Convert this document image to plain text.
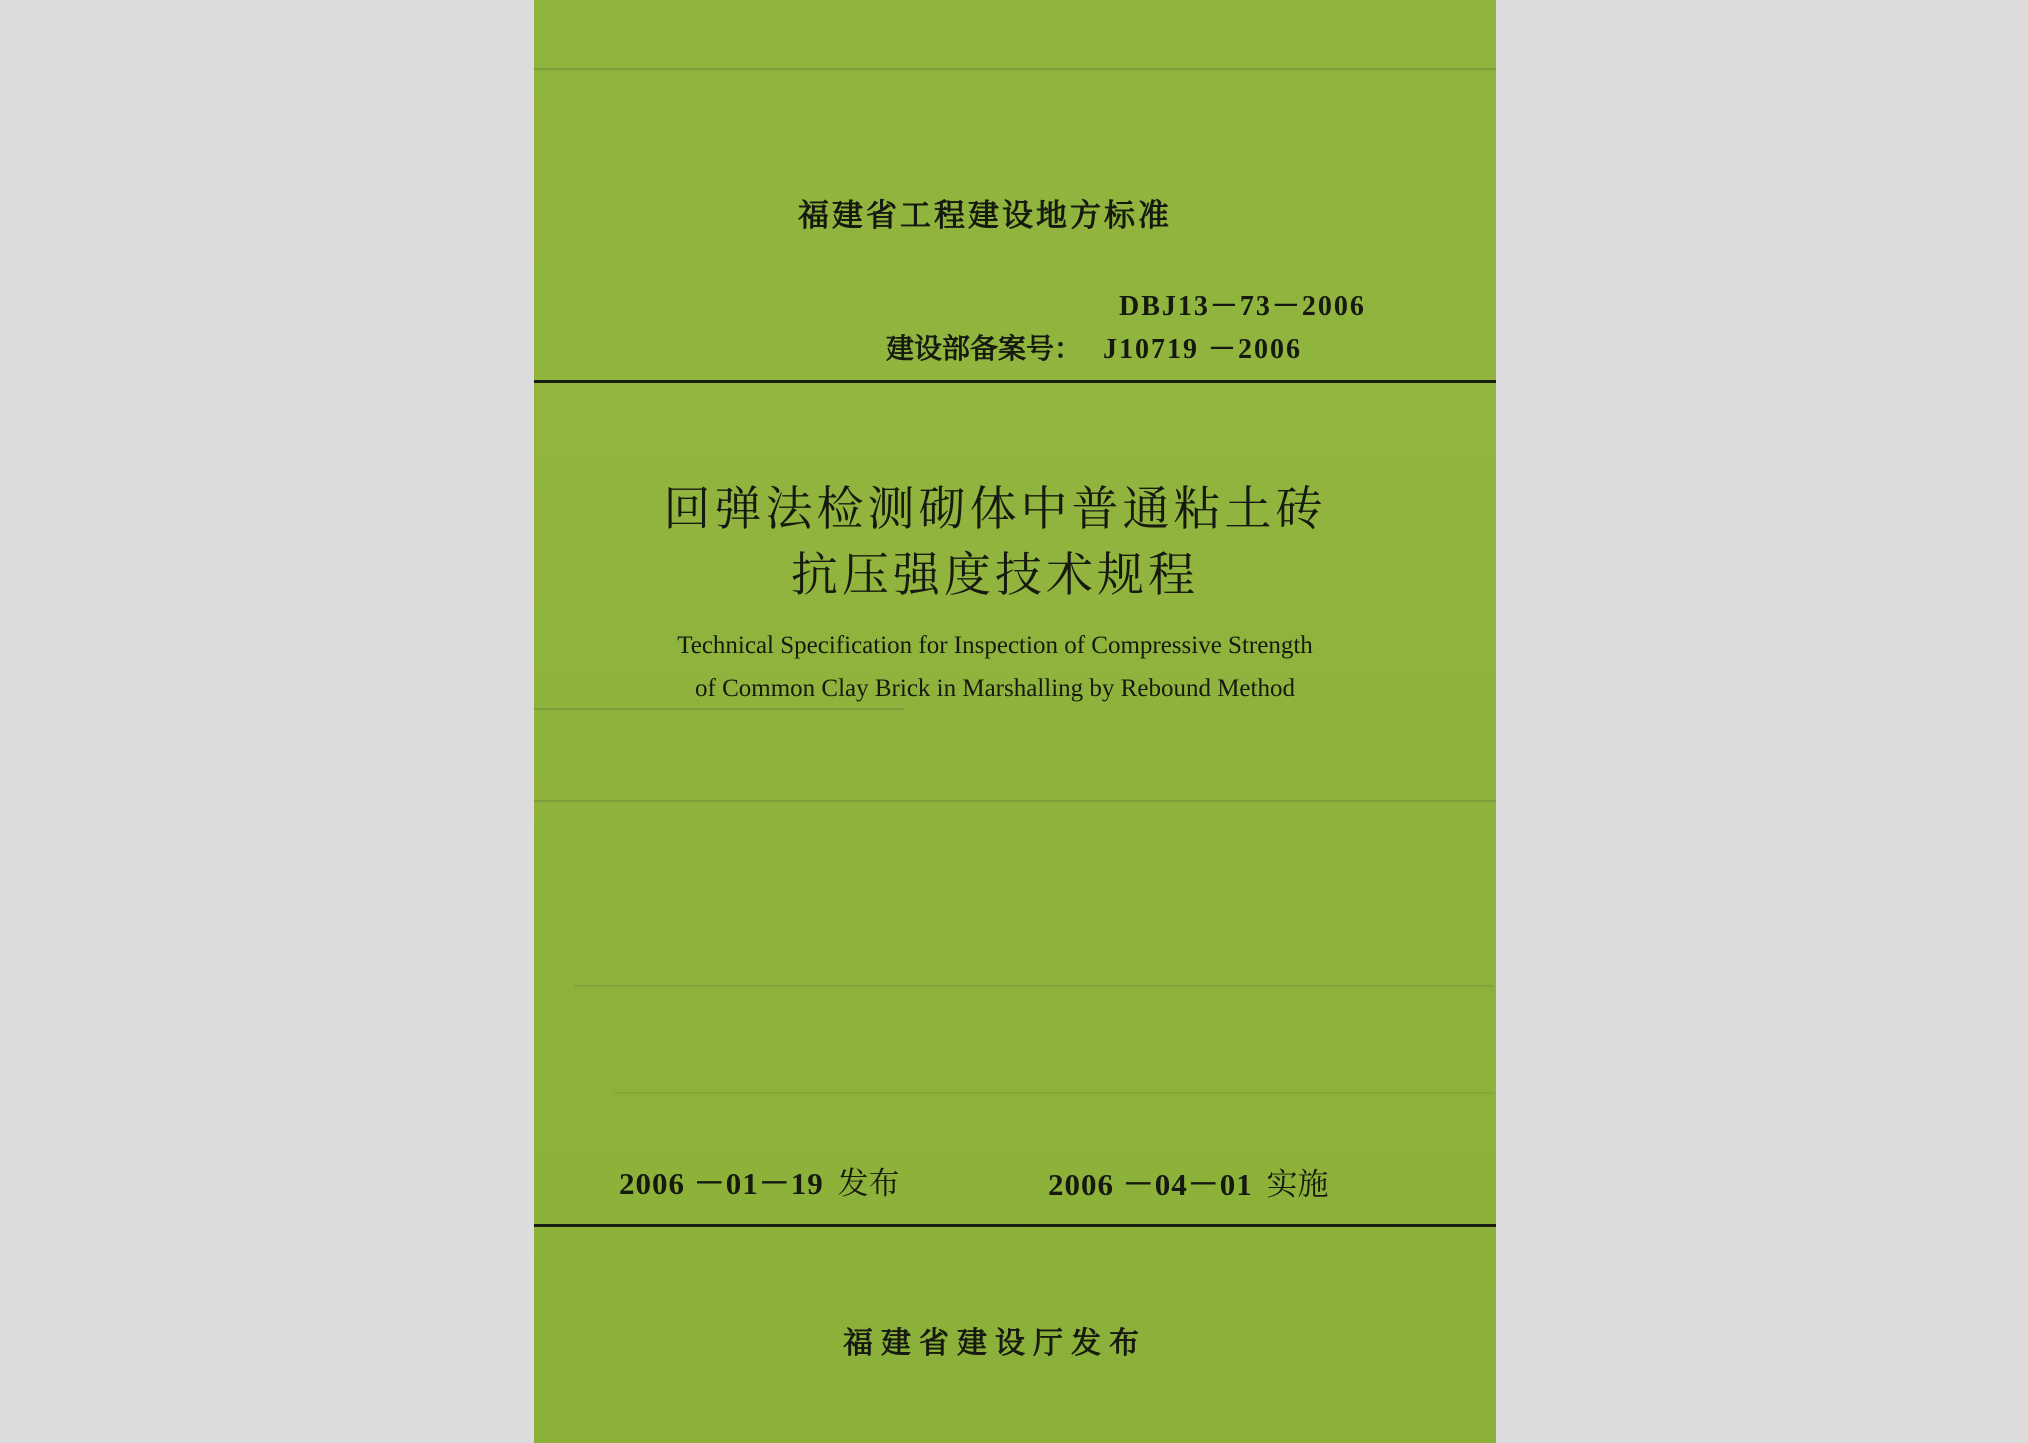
福建省工程建设地方标准
DBJ13－73－2006
建设部备案号： J10719 －2006
回弹法检测砌体中普通粘土砖
抗压强度技术规程
Technical Specification for Inspection of Compressive Strength
of Common Clay Brick in Marshalling by Rebound Method
2006 －01－19 发布	2006 －04－01 实施
福建省建设厅发布
